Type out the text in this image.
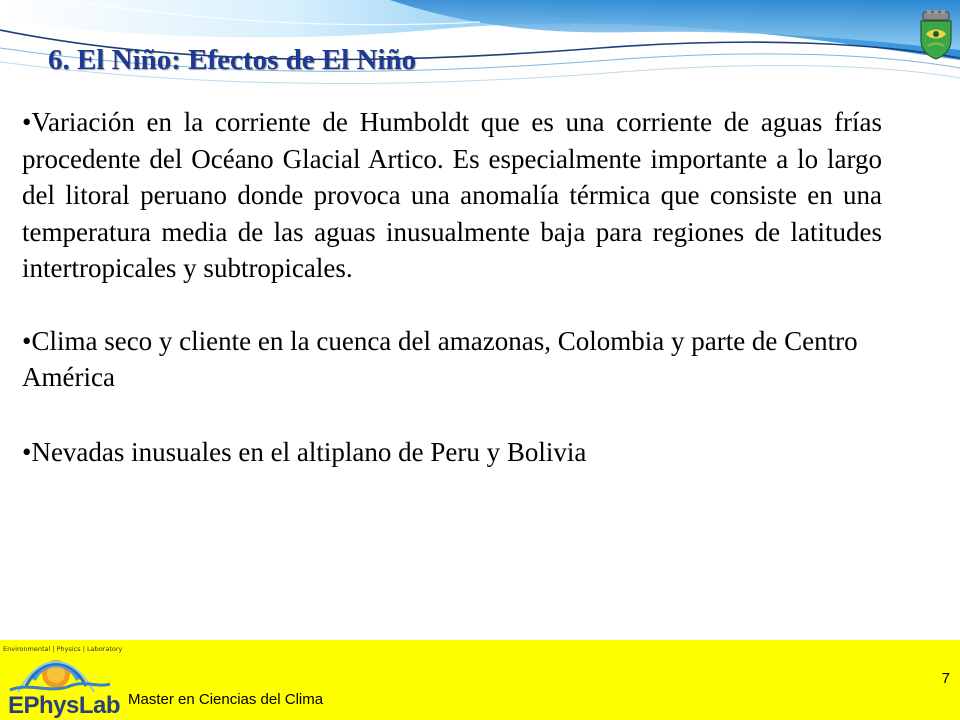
6. El Niño: Efectos de El Niño

• Variación en la corriente de Humboldt que es una corriente de aguas frías procedente del Océano Glacial Artico. Es especialmente importante a lo largo del litoral peruano donde provoca una anomalía térmica que consiste en una temperatura media de las aguas inusualmente baja para regiones de latitudes intertropicales y subtropicales.

• Clima seco y cliente en la cuenca del amazonas, Colombia y parte de Centro América

• Nevadas inusuales en el altiplano de Peru y Bolivia

Environmental | Physics | Laboratory
EPhysLab Master en Ciencias del Clima
7
